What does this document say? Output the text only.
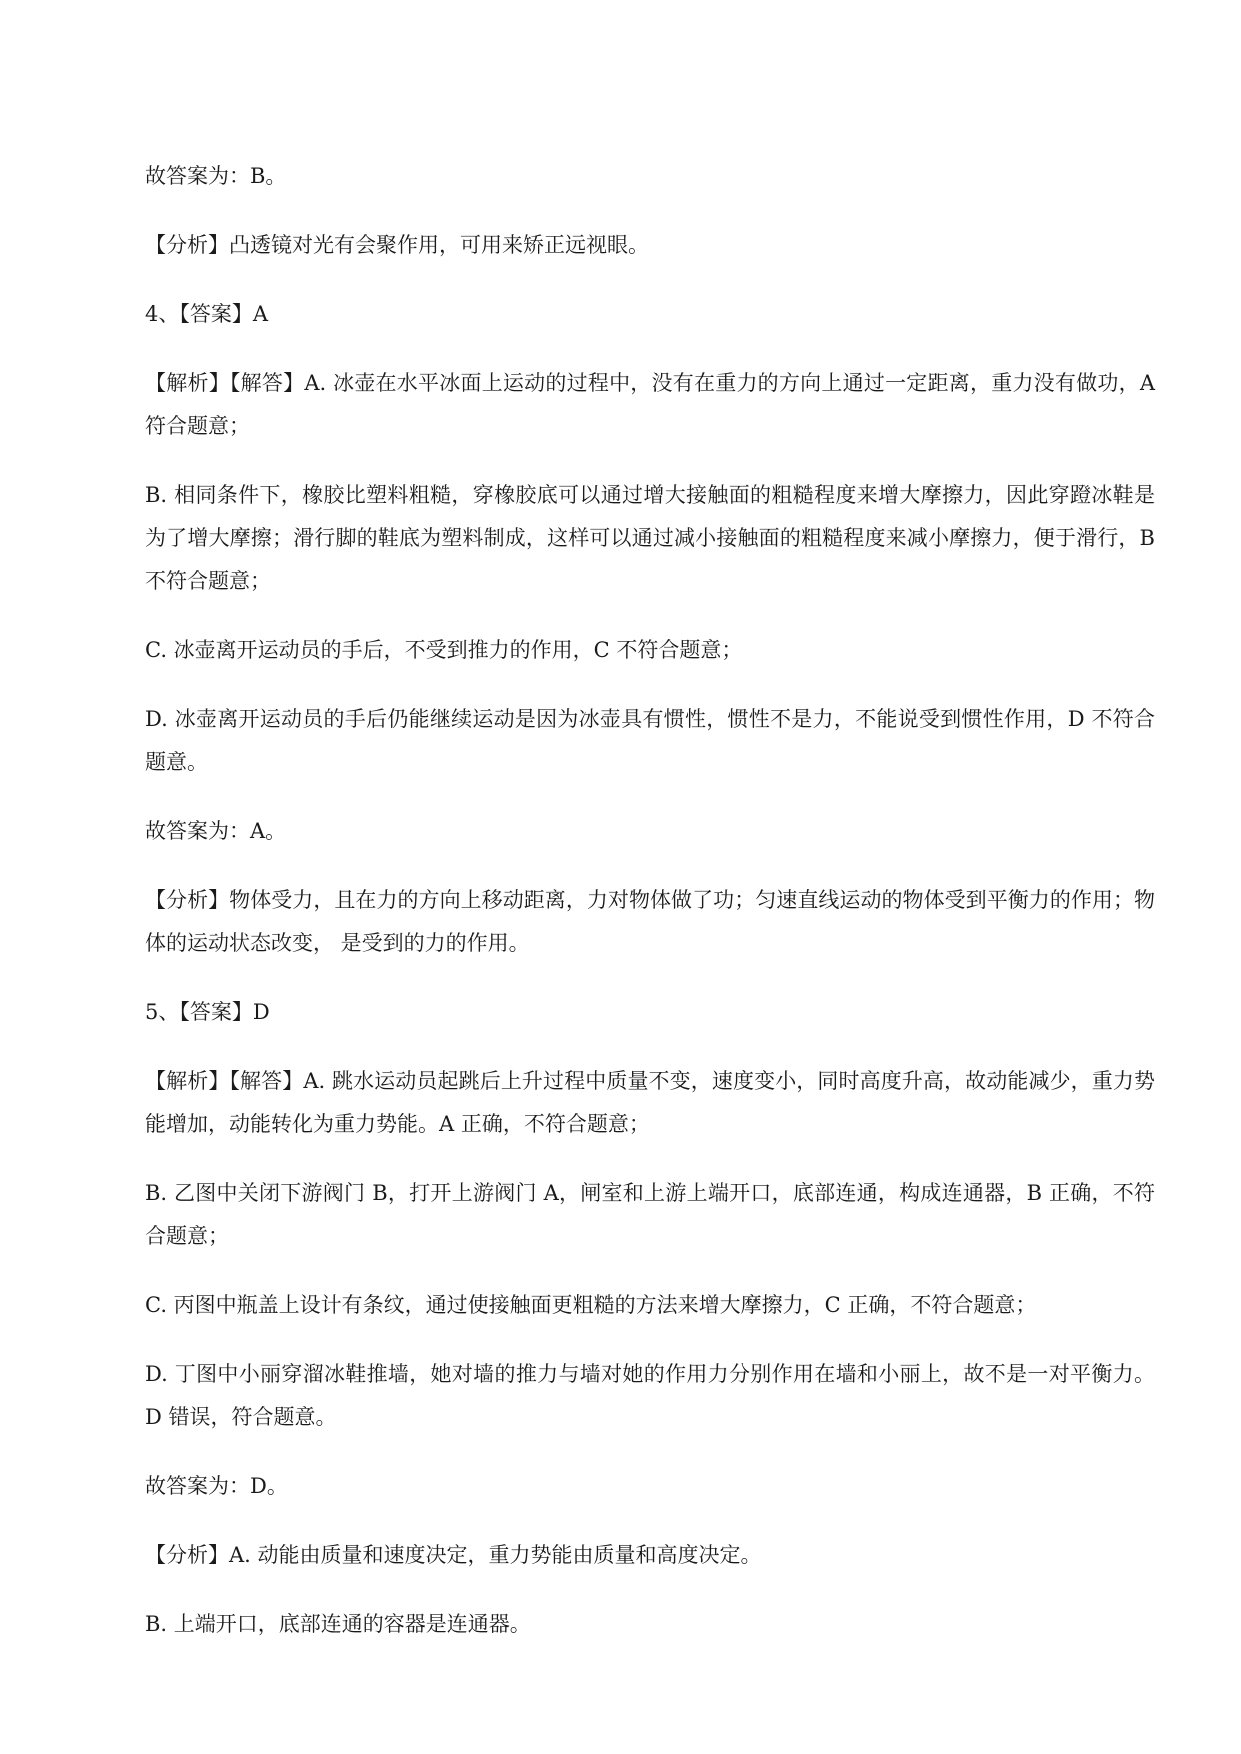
故答案为：B。

【分析】凸透镜对光有会聚作用，可用来矫正远视眼。

4、【答案】A

【解析】【解答】A. 冰壶在水平冰面上运动的过程中，没有在重力的方向上通过一定距离，重力没有做功，A 符合题意；

B. 相同条件下，橡胶比塑料粗糙，穿橡胶底可以通过增大接触面的粗糙程度来增大摩擦力，因此穿蹬冰鞋是为了增大摩擦；滑行脚的鞋底为塑料制成，这样可以通过减小接触面的粗糙程度来减小摩擦力，便于滑行，B 不符合题意；

C. 冰壶离开运动员的手后，不受到推力的作用，C 不符合题意；

D. 冰壶离开运动员的手后仍能继续运动是因为冰壶具有惯性，惯性不是力，不能说受到惯性作用，D 不符合题意。

故答案为：A。

【分析】物体受力，且在力的方向上移动距离，力对物体做了功；匀速直线运动的物体受到平衡力的作用；物体的运动状态改变， 是受到的力的作用。

5、【答案】D

【解析】【解答】A. 跳水运动员起跳后上升过程中质量不变，速度变小，同时高度升高，故动能减少，重力势能增加，动能转化为重力势能。A 正确，不符合题意；

B. 乙图中关闭下游阀门 B，打开上游阀门 A，闸室和上游上端开口，底部连通，构成连通器，B 正确，不符合题意；

C. 丙图中瓶盖上设计有条纹，通过使接触面更粗糙的方法来增大摩擦力，C 正确，不符合题意；

D. 丁图中小丽穿溜冰鞋推墙，她对墙的推力与墙对她的作用力分别作用在墙和小丽上，故不是一对平衡力。D 错误，符合题意。

故答案为：D。

【分析】A. 动能由质量和速度决定，重力势能由质量和高度决定。

B. 上端开口，底部连通的容器是连通器。
